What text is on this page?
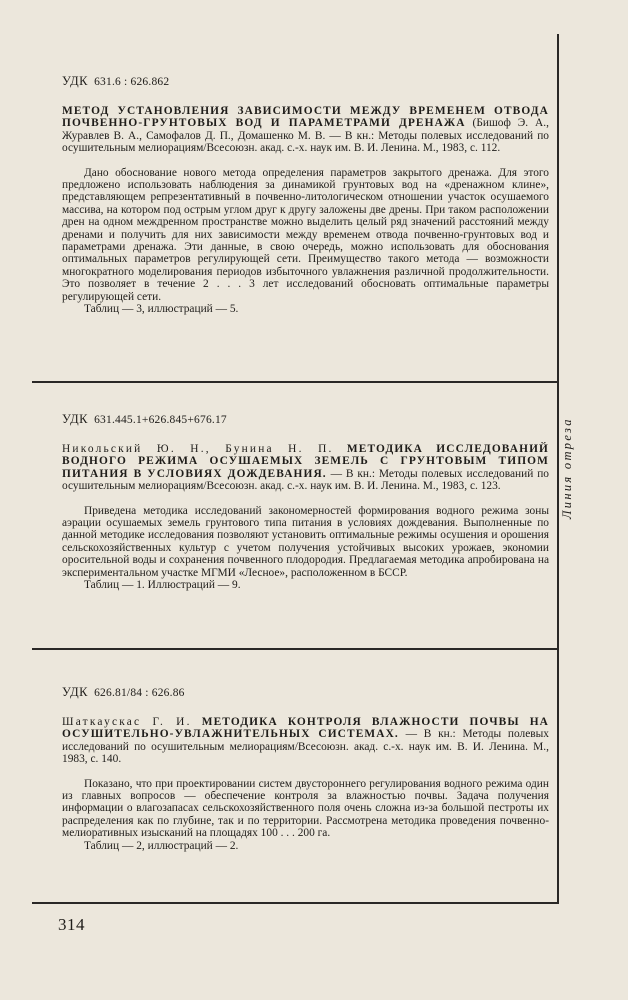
УДК 631.6 : 626.862

МЕТОД УСТАНОВЛЕНИЯ ЗАВИСИМОСТИ МЕЖДУ ВРЕМЕНЕМ ОТВОДА ПОЧВЕННО-ГРУНТОВЫХ ВОД И ПАРАМЕТРАМИ ДРЕНАЖА (Бишоф Э. А., Журавлев В. А., Самофалов Д. П., Домашенко М. В. — В кн.: Методы полевых исследований по осушительным мелиорациям/Всесоюзн. акад. с.-х. наук им. В. И. Ленина. М., 1983, с. 112.

Дано обоснование нового метода определения параметров закрытого дренажа. Для этого предложено использовать наблюдения за динамикой грунтовых вод на «дренажном клине», представляющем репрезентативный в почвенно-литологическом отношении участок осушаемого массива, на котором под острым углом друг к другу заложены две дрены. При таком расположении дрен на одном междренном пространстве можно выделить целый ряд значений расстояний между дренами и получить для них зависимости между временем отвода почвенно-грунтовых вод и параметрами дренажа. Эти данные, в свою очередь, можно использовать для обоснования оптимальных параметров регулирующей сети. Преимущество такого метода — возможности многократного моделирования периодов избыточного увлажнения различной продолжительности. Это позволяет в течение 2 . . . 3 лет исследований обосновать оптимальные параметры регулирующей сети.

Таблиц — 3, иллюстраций — 5.

УДК 631.445.1+626.845+676.17

Никольский Ю. Н., Бунина Н. П. МЕТОДИКА ИССЛЕДОВАНИЙ ВОДНОГО РЕЖИМА ОСУШАЕМЫХ ЗЕМЕЛЬ С ГРУНТОВЫМ ТИПОМ ПИТАНИЯ В УСЛОВИЯХ ДОЖДЕВАНИЯ. — В кн.: Методы полевых исследований по осушительным мелиорациям/Всесоюзн. акад. с.-х. наук им. В. И. Ленина. М., 1983, с. 123.

Приведена методика исследований закономерностей формирования водного режима зоны аэрации осушаемых земель грунтового типа питания в условиях дождевания. Выполненные по данной методике исследования позволяют установить оптимальные режимы осушения и орошения сельскохозяйственных культур с учетом получения устойчивых высоких урожаев, экономии оросительной воды и сохранения почвенного плодородия. Предлагаемая методика апробирована на экспериментальном участке МГМИ «Лесное», расположенном в БССР.

Таблиц — 1. Иллюстраций — 9.

УДК 626.81/84 : 626.86

Шаткаускас Г. И. МЕТОДИКА КОНТРОЛЯ ВЛАЖНОСТИ ПОЧВЫ НА ОСУШИТЕЛЬНО-УВЛАЖНИТЕЛЬНЫХ СИСТЕМАХ. — В кн.: Методы полевых исследований по осушительным мелиорациям/Всесоюзн. акад. с.-х. наук им. В. И. Ленина. М., 1983, с. 140.

Показано, что при проектировании систем двустороннего регулирования водного режима один из главных вопросов — обеспечение контроля за влажностью почвы. Задача получения информации о влагозапасах сельскохозяйственного поля очень сложна из-за большой пестроты их распределения как по глубине, так и по территории. Рассмотрена методика проведения почвенно-мелиоративных изысканий на площадях 100 . . . 200 га.

Таблиц — 2, иллюстраций — 2.

Линия отреза
314
